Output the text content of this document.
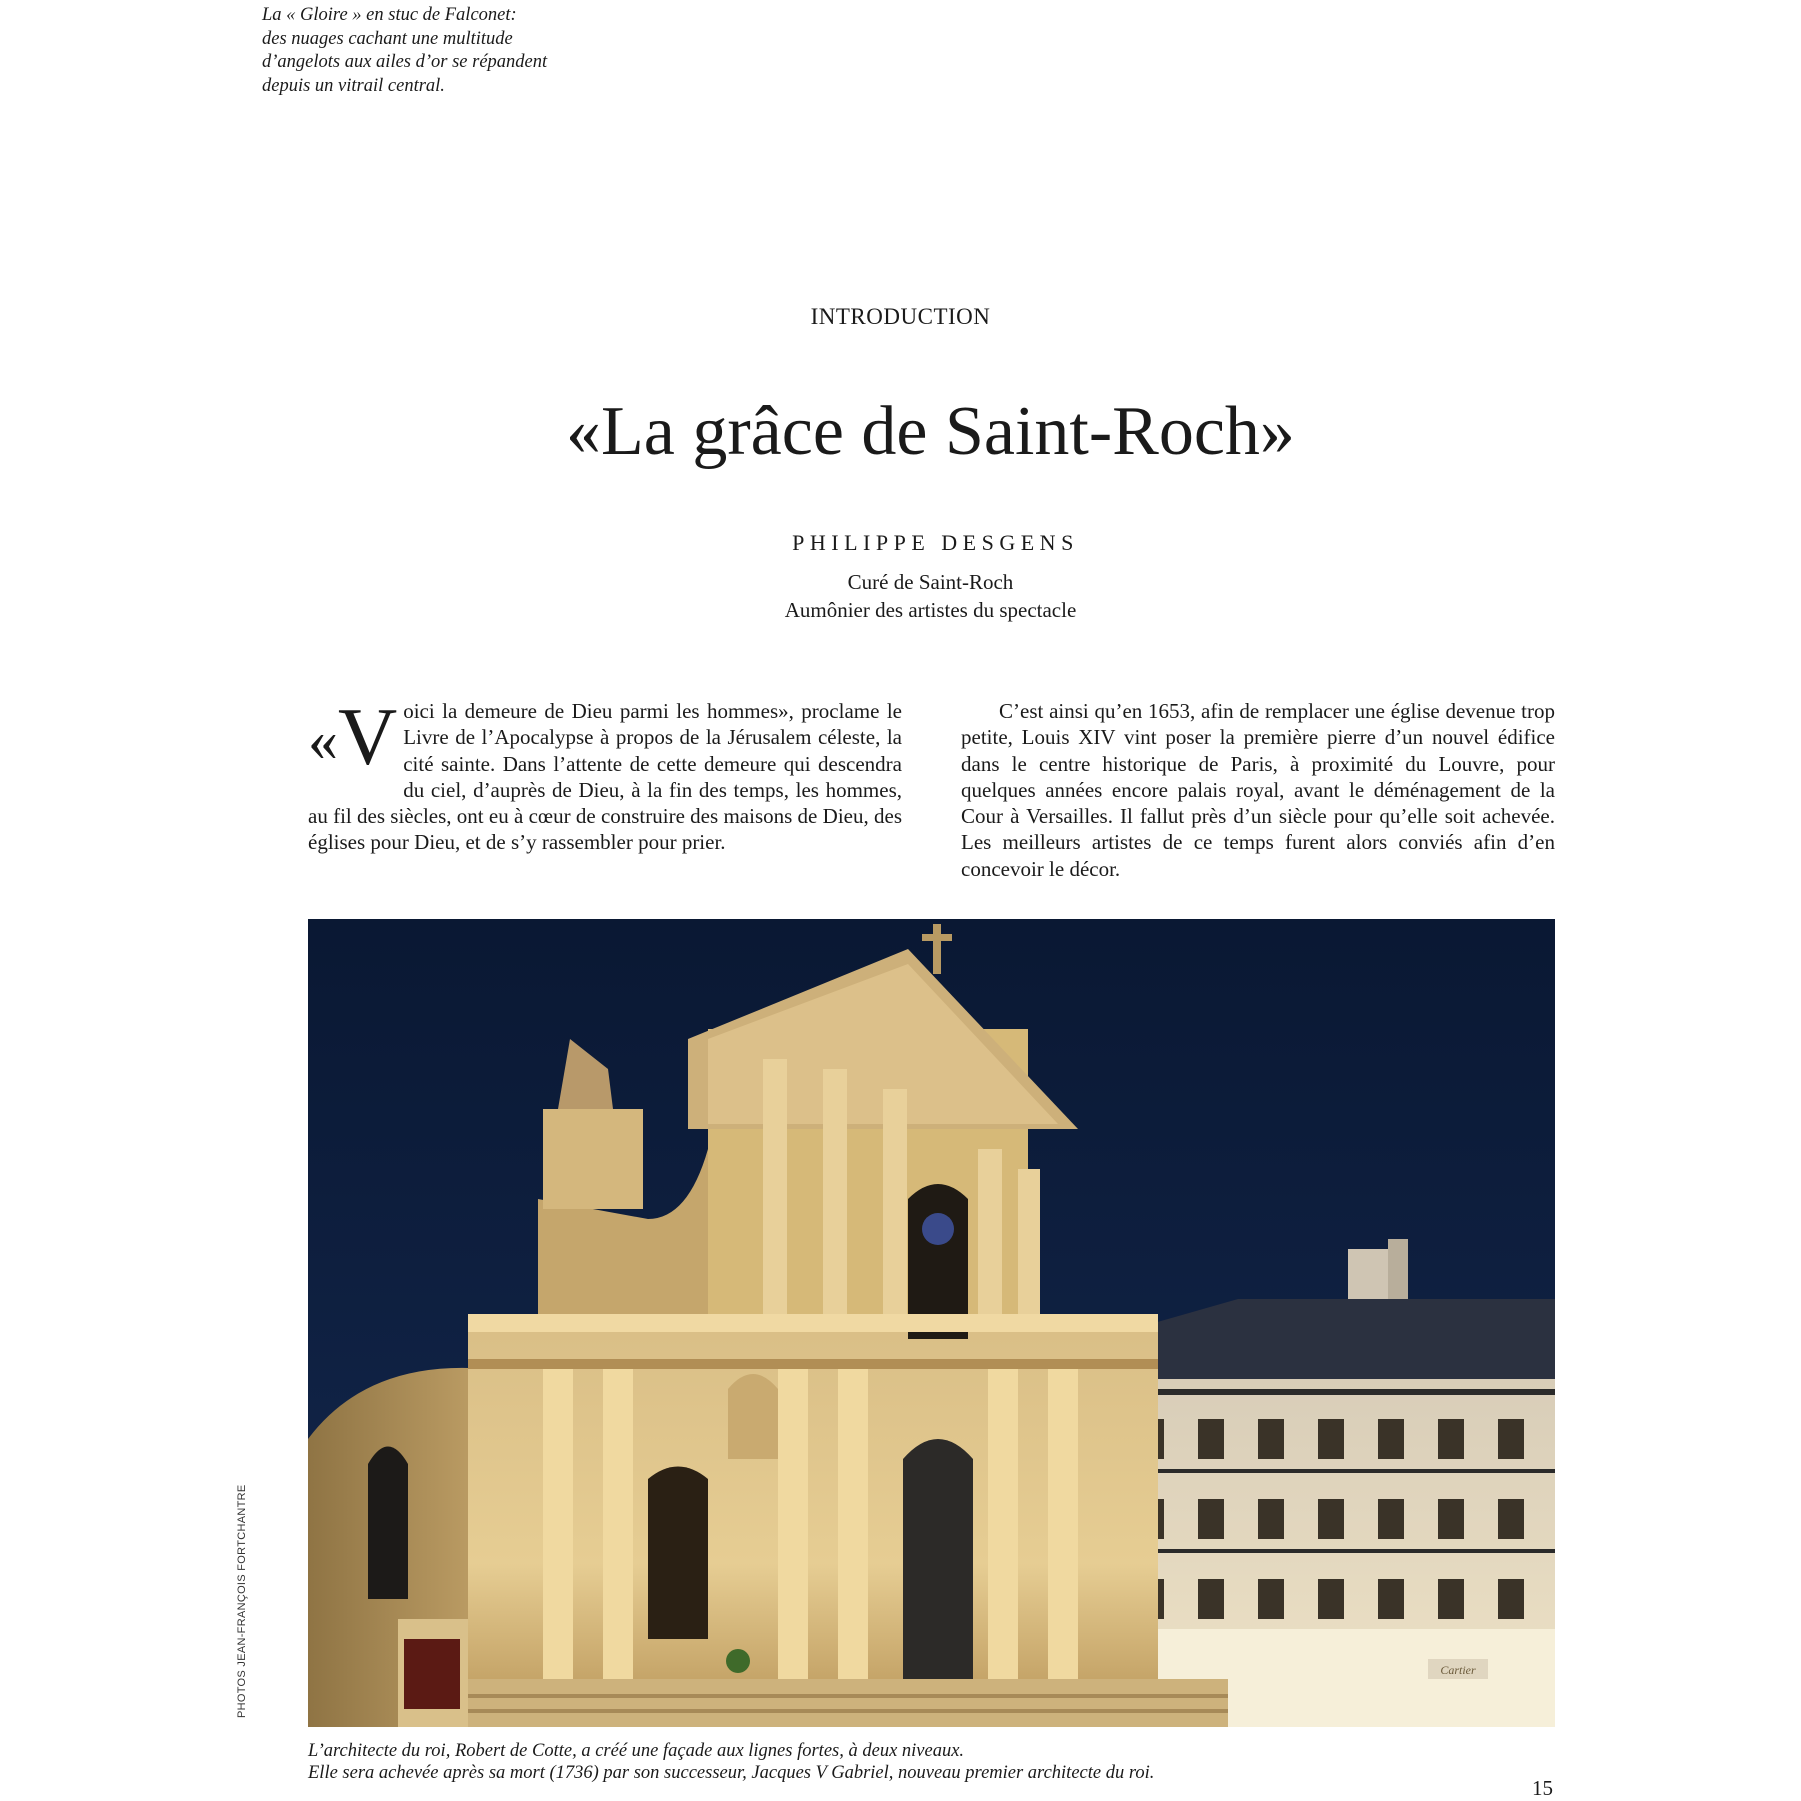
La « Gloire » en stuc de Falconet:
des nuages cachant une multitude
d’angelots aux ailes d’or se répandent
depuis un vitrail central.
INTRODUCTION
«La grâce de Saint-Roch»
PHILIPPE DESGENS
Curé de Saint-Roch
Aumônier des artistes du spectacle

«V oici la demeure de Dieu parmi les hommes», proclame le Livre de l’Apocalypse à propos de la Jérusalem céleste, la cité sainte. Dans l’attente de cette demeure qui descendra du ciel, d’auprès de Dieu, à la fin des temps, les hommes, au fil des siècles, ont eu à cœur de construire des maisons de Dieu, des églises pour Dieu, et de s’y rassembler pour prier.

C’est ainsi qu’en 1653, afin de remplacer une église devenue trop petite, Louis XIV vint poser la première pierre d’un nouvel édifice dans le centre historique de Paris, à proximité du Louvre, pour quelques années encore palais royal, avant le déménagement de la Cour à Versailles. Il fallut près d’un siècle pour qu’elle soit achevée. Les meilleurs artistes de ce temps furent alors conviés afin d’en concevoir le décor.

Cartier
PHOTOS JEAN-FRANÇOIS FORTCHANTRE
L’architecte du roi, Robert de Cotte, a créé une façade aux lignes fortes, à deux niveaux.
Elle sera achevée après sa mort (1736) par son successeur, Jacques V Gabriel, nouveau premier architecte du roi.
15
